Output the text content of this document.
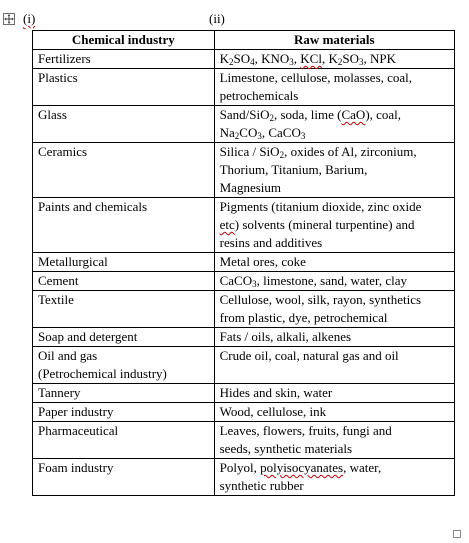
(i)	(ii)
Chemical industry	Raw materials

Fertilizers	$K_2SO_4$, $KNO_3$, KCl, $K_2SO_3$, NPK

Plastics	Limestone, cellulose, molasses, coal,
petrochemicals

Glass	Sand/SiO$_2$, soda, lime (CaO), coal,
$Na_2CO_3$, CaCO$_3$

Ceramics	Silica / SiO$_2$, oxides of Al, zirconium,
Thorium, Titanium, Barium,
Magnesium

Paints and chemicals	Pigments (titanium dioxide, zinc oxide
etc) solvents (mineral turpentine) and
resins and additives

Metallurgical	Metal ores, coke

Cement	CaCO$_3$, limestone, sand, water, clay

Textile	Cellulose, wool, silk, rayon, synthetics
from plastic, dye, petrochemical

Soap and detergent	Fats / oils, alkali, alkenes

Oil and gas
(Petrochemical industry)	Crude oil, coal, natural gas and oil

Tannery	Hides and skin, water

Paper industry	Wood, cellulose, ink

Pharmaceutical	Leaves, flowers, fruits, fungi and
seeds, synthetic materials

Foam industry	Polyol, polyisocyanates, water,
synthetic rubber
